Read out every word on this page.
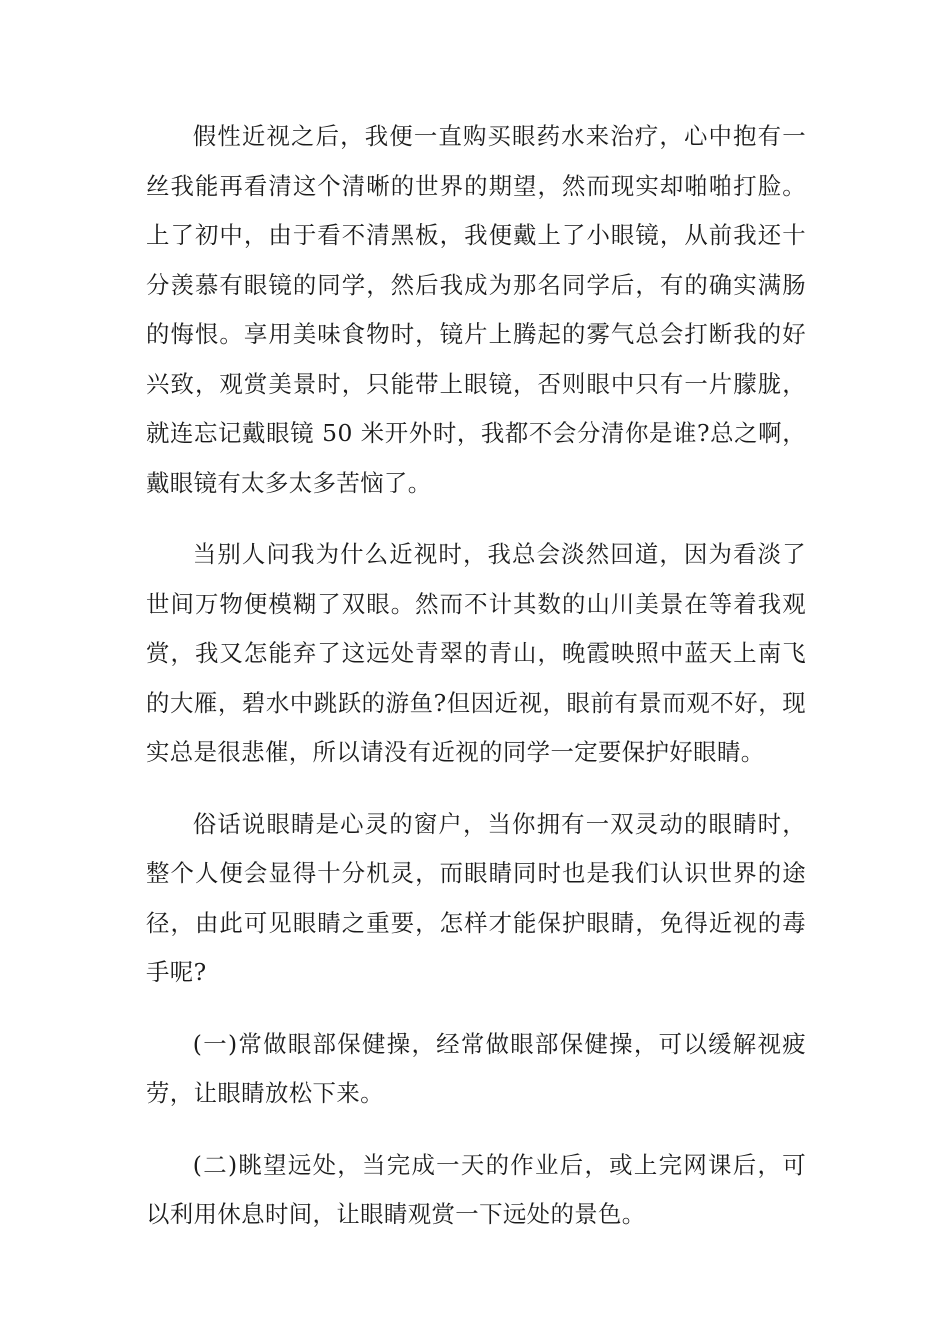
假性近视之后，我便一直购买眼药水来治疗，心中抱有一丝我能再看清这个清晰的世界的期望，然而现实却啪啪打脸。上了初中，由于看不清黑板，我便戴上了小眼镜，从前我还十分羡慕有眼镜的同学，然后我成为那名同学后，有的确实满肠的悔恨。享用美味食物时，镜片上腾起的雾气总会打断我的好兴致，观赏美景时，只能带上眼镜，否则眼中只有一片朦胧，就连忘记戴眼镜 50 米开外时，我都不会分清你是谁?总之啊，戴眼镜有太多太多苦恼了。

当别人问我为什么近视时，我总会淡然回道，因为看淡了世间万物便模糊了双眼。然而不计其数的山川美景在等着我观赏，我又怎能弃了这远处青翠的青山，晚霞映照中蓝天上南飞的大雁，碧水中跳跃的游鱼?但因近视，眼前有景而观不好，现实总是很悲催，所以请没有近视的同学一定要保护好眼睛。

俗话说眼睛是心灵的窗户，当你拥有一双灵动的眼睛时，整个人便会显得十分机灵，而眼睛同时也是我们认识世界的途径，由此可见眼睛之重要，怎样才能保护眼睛，免得近视的毒手呢?

(一)常做眼部保健操，经常做眼部保健操，可以缓解视疲劳，让眼睛放松下来。

(二)眺望远处，当完成一天的作业后，或上完网课后，可以利用休息时间，让眼睛观赏一下远处的景色。
